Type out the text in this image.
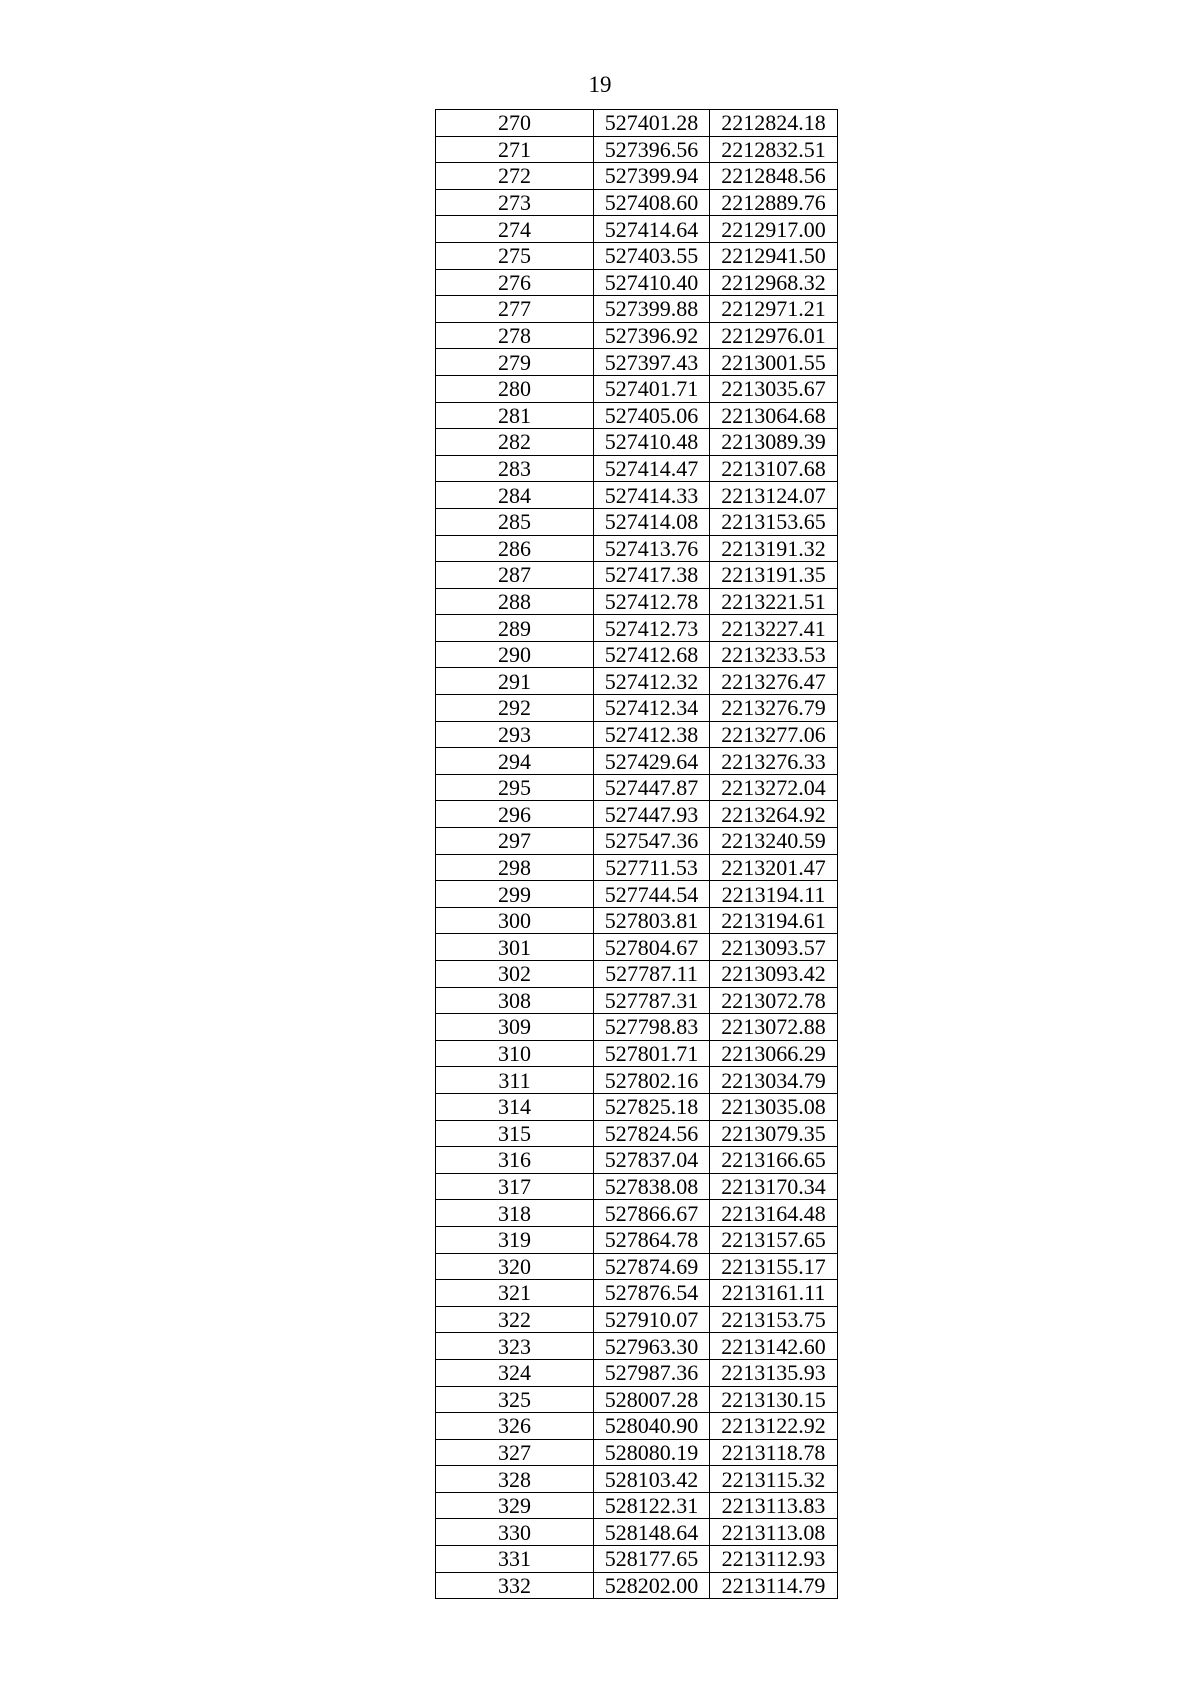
19
270	527401.28	2212824.18
271	527396.56	2212832.51
272	527399.94	2212848.56
273	527408.60	2212889.76
274	527414.64	2212917.00
275	527403.55	2212941.50
276	527410.40	2212968.32
277	527399.88	2212971.21
278	527396.92	2212976.01
279	527397.43	2213001.55
280	527401.71	2213035.67
281	527405.06	2213064.68
282	527410.48	2213089.39
283	527414.47	2213107.68
284	527414.33	2213124.07
285	527414.08	2213153.65
286	527413.76	2213191.32
287	527417.38	2213191.35
288	527412.78	2213221.51
289	527412.73	2213227.41
290	527412.68	2213233.53
291	527412.32	2213276.47
292	527412.34	2213276.79
293	527412.38	2213277.06
294	527429.64	2213276.33
295	527447.87	2213272.04
296	527447.93	2213264.92
297	527547.36	2213240.59
298	527711.53	2213201.47
299	527744.54	2213194.11
300	527803.81	2213194.61
301	527804.67	2213093.57
302	527787.11	2213093.42
308	527787.31	2213072.78
309	527798.83	2213072.88
310	527801.71	2213066.29
311	527802.16	2213034.79
314	527825.18	2213035.08
315	527824.56	2213079.35
316	527837.04	2213166.65
317	527838.08	2213170.34
318	527866.67	2213164.48
319	527864.78	2213157.65
320	527874.69	2213155.17
321	527876.54	2213161.11
322	527910.07	2213153.75
323	527963.30	2213142.60
324	527987.36	2213135.93
325	528007.28	2213130.15
326	528040.90	2213122.92
327	528080.19	2213118.78
328	528103.42	2213115.32
329	528122.31	2213113.83
330	528148.64	2213113.08
331	528177.65	2213112.93
332	528202.00	2213114.79
